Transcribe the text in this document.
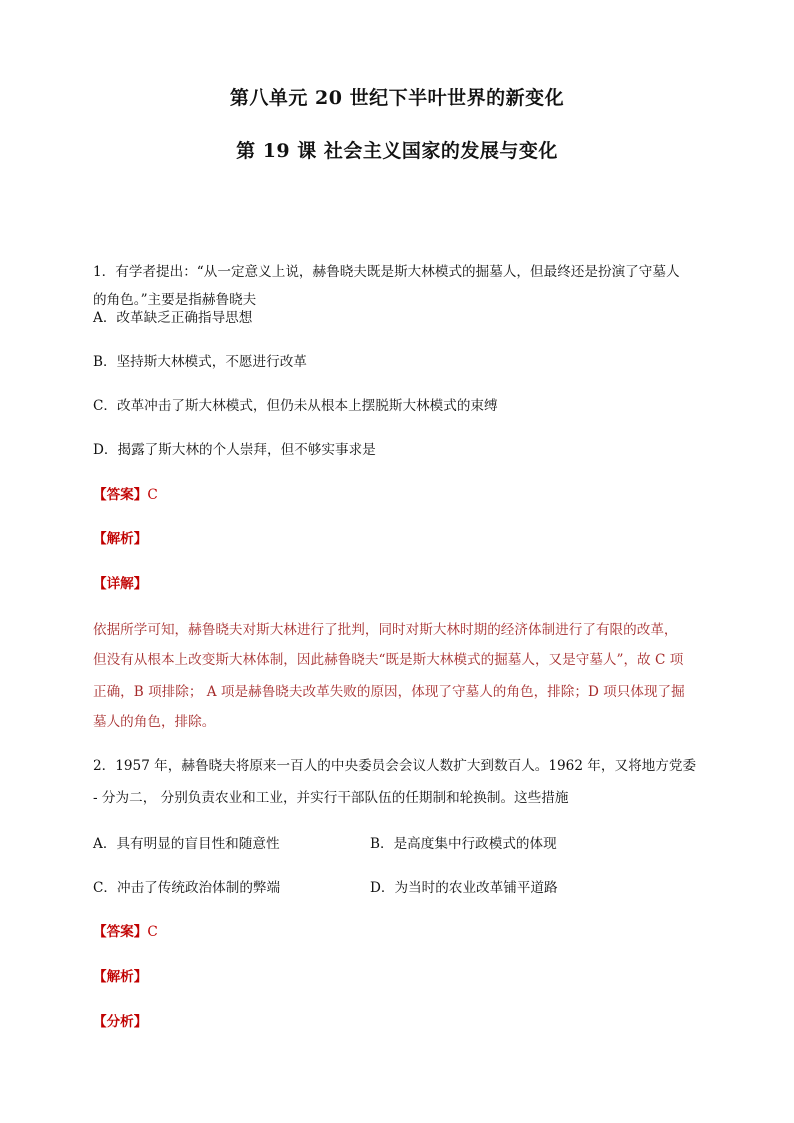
第八单元 20 世纪下半叶世界的新变化
第 19 课 社会主义国家的发展与变化
1．有学者提出：“从一定意义上说，赫鲁晓夫既是斯大林模式的掘墓人，但最终还是扮演了守墓人
的角色。”主要是指赫鲁晓夫
A．改革缺乏正确指导思想
B．坚持斯大林模式，不愿进行改革
C．改革冲击了斯大林模式，但仍未从根本上摆脱斯大林模式的束缚
D．揭露了斯大林的个人崇拜，但不够实事求是
【答案】C
【解析】
【详解】
依据所学可知，赫鲁晓夫对斯大林进行了批判，同时对斯大林时期的经济体制进行了有限的改革，
但没有从根本上改变斯大林体制，因此赫鲁晓夫“既是斯大林模式的掘墓人，又是守墓人”，故 C 项
正确，B 项排除； A 项是赫鲁晓夫改革失败的原因，体现了守墓人的角色，排除；D 项只体现了掘
墓人的角色，排除。
2．1957 年，赫鲁晓夫将原来一百人的中央委员会会议人数扩大到数百人。1962 年，又将地方党委
- 分为二， 分别负责农业和工业，并实行干部队伍的任期制和轮换制。这些措施
A．具有明显的盲目性和随意性	B．是高度集中行政模式的体现
C．冲击了传统政治体制的弊端	D．为当时的农业改革铺平道路
【答案】C
【解析】
【分析】
